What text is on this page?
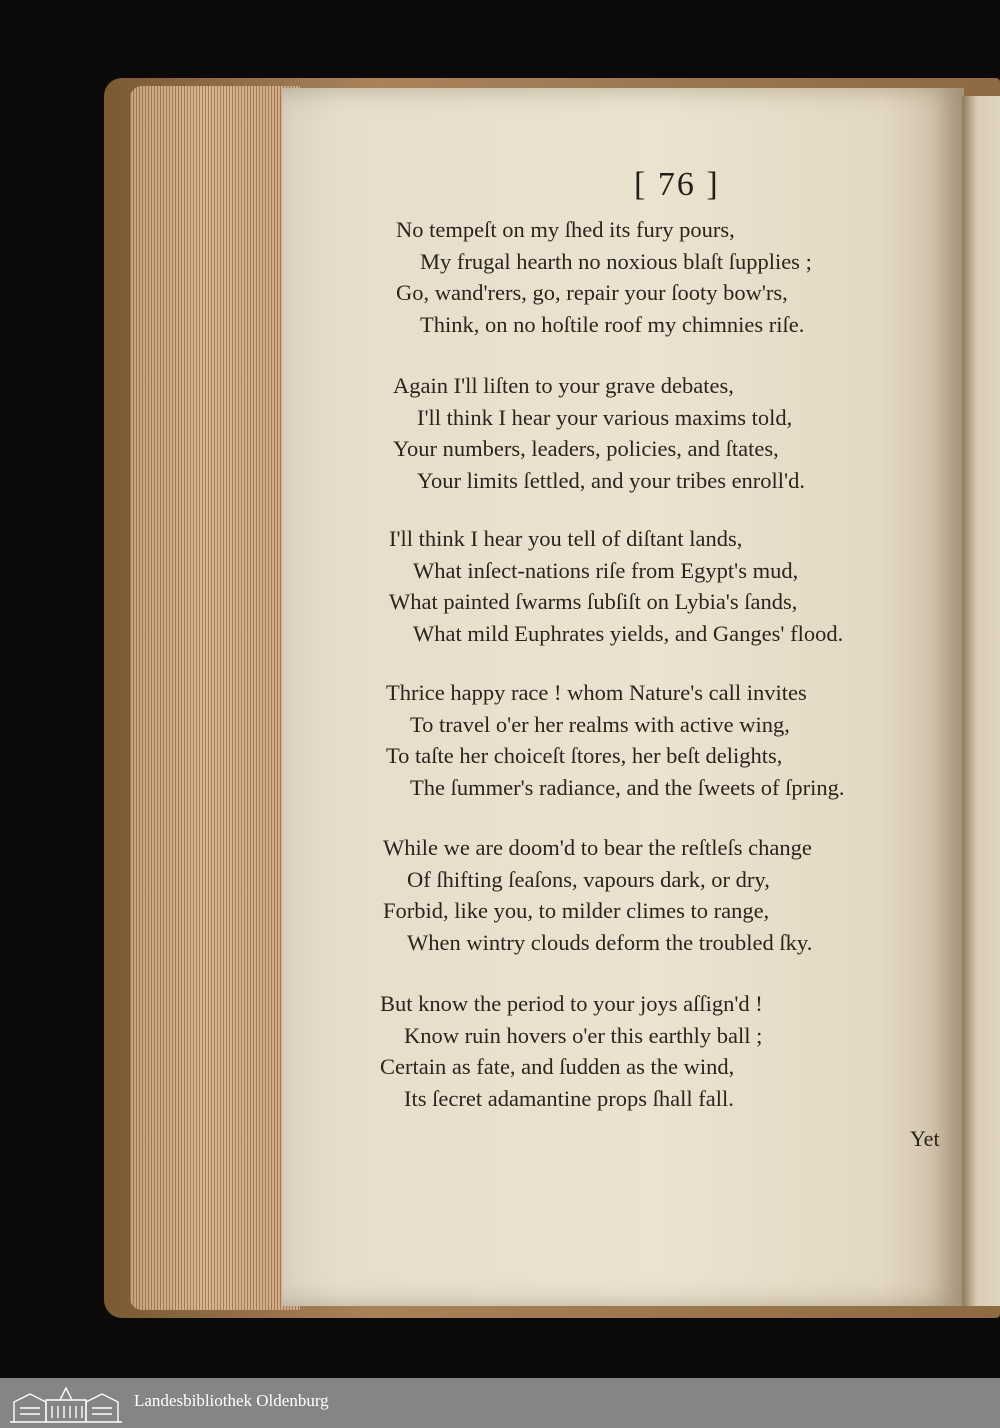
[ 76 ]
No tempeſt on my ſhed its fury pours,
My frugal hearth no noxious blaſt ſupplies ;
Go, wand'rers, go, repair your ſooty bow'rs,
Think, on no hoſtile roof my chimnies riſe.
Again I'll liſten to your grave debates,
I'll think I hear your various maxims told,
Your numbers, leaders, policies, and ſtates,
Your limits ſettled, and your tribes enroll'd.
I'll think I hear you tell of diſtant lands,
What inſect-nations riſe from Egypt's mud,
What painted ſwarms ſubſiſt on Lybia's ſands,
What mild Euphrates yields, and Ganges' flood.
Thrice happy race ! whom Nature's call invites
To travel o'er her realms with active wing,
To taſte her choiceſt ſtores, her beſt delights,
The ſummer's radiance, and the ſweets of ſpring.
While we are doom'd to bear the reſtleſs change
Of ſhifting ſeaſons, vapours dark, or dry,
Forbid, like you, to milder climes to range,
When wintry clouds deform the troubled ſky.
But know the period to your joys aſſign'd !
Know ruin hovers o'er this earthly ball ;
Certain as fate, and ſudden as the wind,
Its ſecret adamantine props ſhall fall.
Yet
Landesbibliothek Oldenburg
